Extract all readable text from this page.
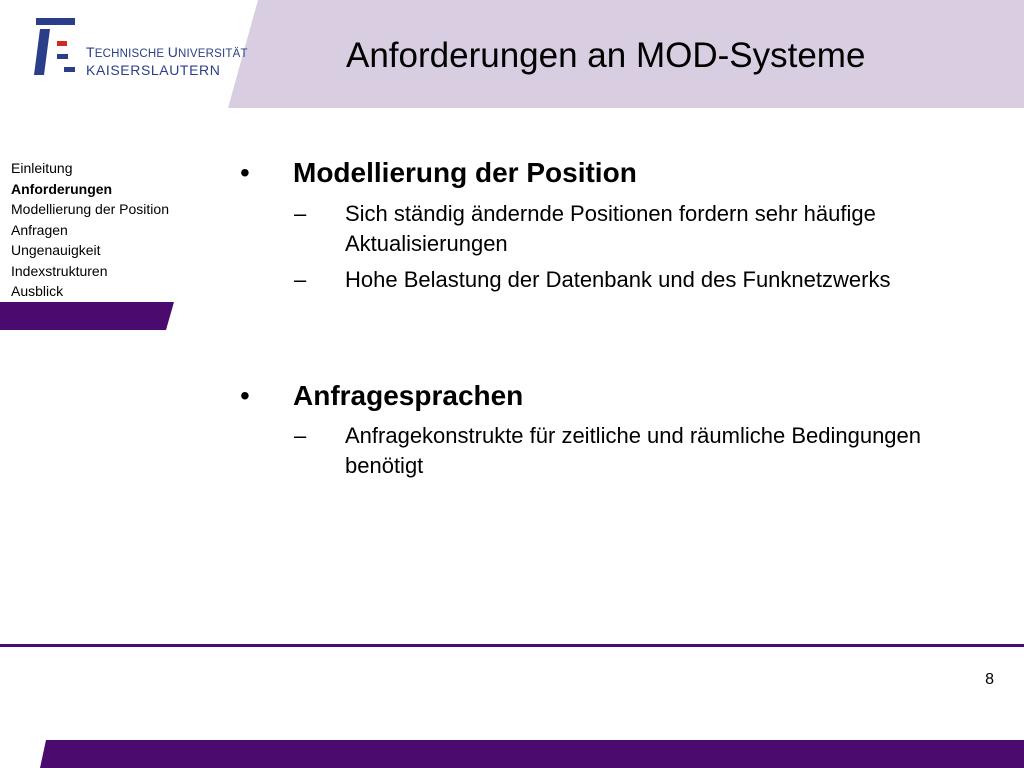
Anforderungen an MOD-Systeme
TECHNISCHE UNIVERSITÄT
KAISERSLAUTERN
Einleitung
Anforderungen
Modellierung der Position
Anfragen
Ungenauigkeit
Indexstrukturen
Ausblick
•	Modellierung der Position
– Sich ständig ändernde Positionen fordern sehr häufige Aktualisierungen
– Hohe Belastung der Datenbank und des Funknetzwerks
•	Anfragesprachen
– Anfragekonstrukte für zeitliche und räumliche Bedingungen benötigt
8
